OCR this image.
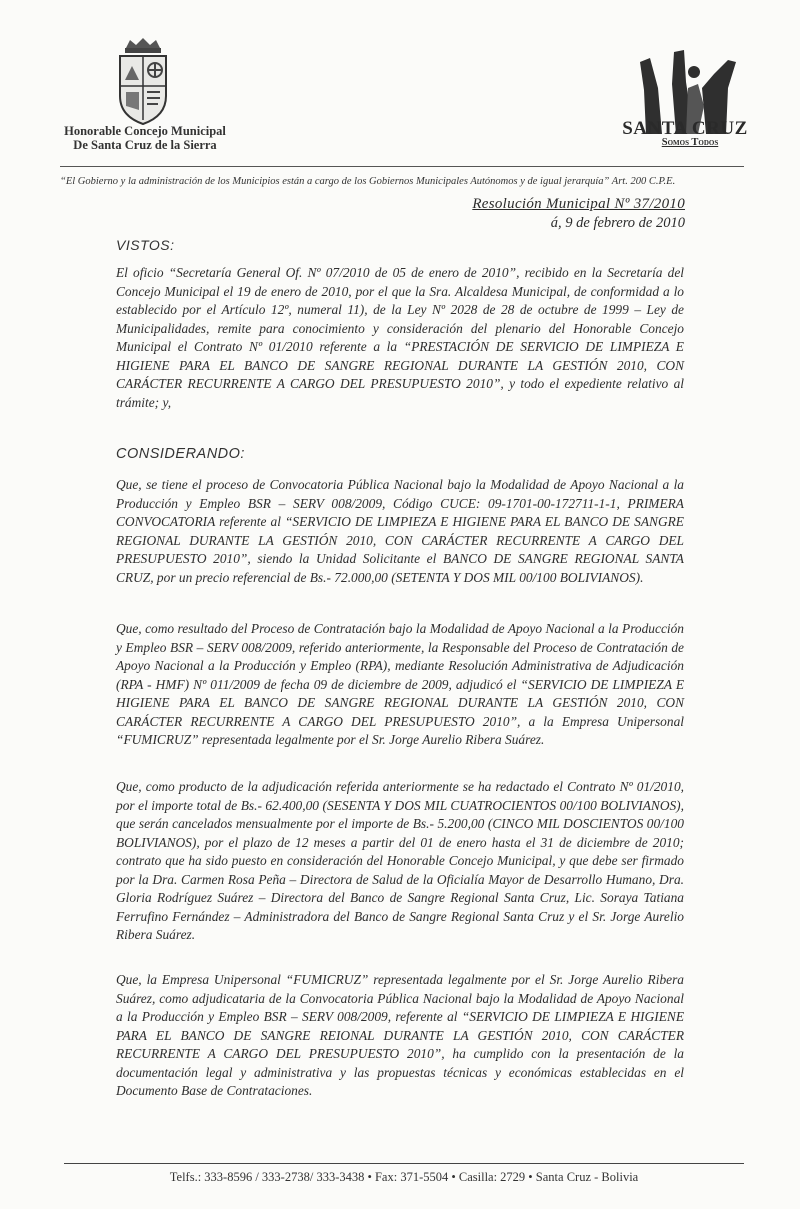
Honorable Concejo Municipal
De Santa Cruz de la Sierra
SANTA CRUZ
Somos Todos
“El Gobierno y la administración de los Municipios están a cargo de los Gobiernos Municipales Autónomos y de igual jerarquía” Art. 200 C.P.E.
Resolución Municipal Nº 37/2010
á, 9 de febrero de 2010
VISTOS:
El oficio “Secretaría General Of. Nº 07/2010 de 05 de enero de 2010”, recibido en la Secretaría del Concejo Municipal el 19 de enero de 2010, por el que la Sra. Alcaldesa Municipal, de conformidad a lo establecido por el Artículo 12º, numeral 11), de la Ley Nº 2028 de 28 de octubre de 1999 – Ley de Municipalidades, remite para conocimiento y consideración del plenario del Honorable Concejo Municipal el Contrato Nº 01/2010 referente a la “PRESTACIÓN DE SERVICIO DE LIMPIEZA E HIGIENE PARA EL BANCO DE SANGRE REGIONAL DURANTE LA GESTIÓN 2010, CON CARÁCTER RECURRENTE A CARGO DEL PRESUPUESTO 2010”, y todo el expediente relativo al trámite; y,
CONSIDERANDO:
Que, se tiene el proceso de Convocatoria Pública Nacional bajo la Modalidad de Apoyo Nacional a la Producción y Empleo BSR – SERV 008/2009, Código CUCE: 09-1701-00-172711-1-1, PRIMERA CONVOCATORIA referente al “SERVICIO DE LIMPIEZA E HIGIENE PARA EL BANCO DE SANGRE REGIONAL DURANTE LA GESTIÓN 2010, CON CARÁCTER RECURRENTE A CARGO DEL PRESUPUESTO 2010”, siendo la Unidad Solicitante el BANCO DE SANGRE REGIONAL SANTA CRUZ, por un precio referencial de Bs.- 72.000,00 (SETENTA Y DOS MIL 00/100 BOLIVIANOS).
Que, como resultado del Proceso de Contratación bajo la Modalidad de Apoyo Nacional a la Producción y Empleo BSR – SERV 008/2009, referido anteriormente, la Responsable del Proceso de Contratación de Apoyo Nacional a la Producción y Empleo (RPA), mediante Resolución Administrativa de Adjudicación (RPA - HMF) Nº 011/2009 de fecha 09 de diciembre de 2009, adjudicó el “SERVICIO DE LIMPIEZA E HIGIENE PARA EL BANCO DE SANGRE REGIONAL DURANTE LA GESTIÓN 2010, CON CARÁCTER RECURRENTE A CARGO DEL PRESUPUESTO 2010”, a la Empresa Unipersonal “FUMICRUZ” representada legalmente por el Sr. Jorge Aurelio Ribera Suárez.
Que, como producto de la adjudicación referida anteriormente se ha redactado el Contrato Nº 01/2010, por el importe total de Bs.- 62.400,00 (SESENTA Y DOS MIL CUATROCIENTOS 00/100 BOLIVIANOS), que serán cancelados mensualmente por el importe de Bs.- 5.200,00 (CINCO MIL DOSCIENTOS 00/100 BOLIVIANOS), por el plazo de 12 meses a partir del 01 de enero hasta el 31 de diciembre de 2010; contrato que ha sido puesto en consideración del Honorable Concejo Municipal, y que debe ser firmado por la Dra. Carmen Rosa Peña – Directora de Salud de la Oficialía Mayor de Desarrollo Humano, Dra. Gloria Rodríguez Suárez – Directora del Banco de Sangre Regional Santa Cruz, Lic. Soraya Tatiana Ferrufino Fernández – Administradora del Banco de Sangre Regional Santa Cruz y el Sr. Jorge Aurelio Ribera Suárez.
Que, la Empresa Unipersonal “FUMICRUZ” representada legalmente por el Sr. Jorge Aurelio Ribera Suárez, como adjudicataria de la Convocatoria Pública Nacional bajo la Modalidad de Apoyo Nacional a la Producción y Empleo BSR – SERV 008/2009, referente al “SERVICIO DE LIMPIEZA E HIGIENE PARA EL BANCO DE SANGRE REIONAL DURANTE LA GESTIÓN 2010, CON CARÁCTER RECURRENTE A CARGO DEL PRESUPUESTO 2010”, ha cumplido con la presentación de la documentación legal y administrativa y las propuestas técnicas y económicas establecidas en el Documento Base de Contrataciones.
Telfs.: 333-8596 / 333-2738/ 333-3438 • Fax: 371-5504 • Casilla: 2729 • Santa Cruz - Bolivia
